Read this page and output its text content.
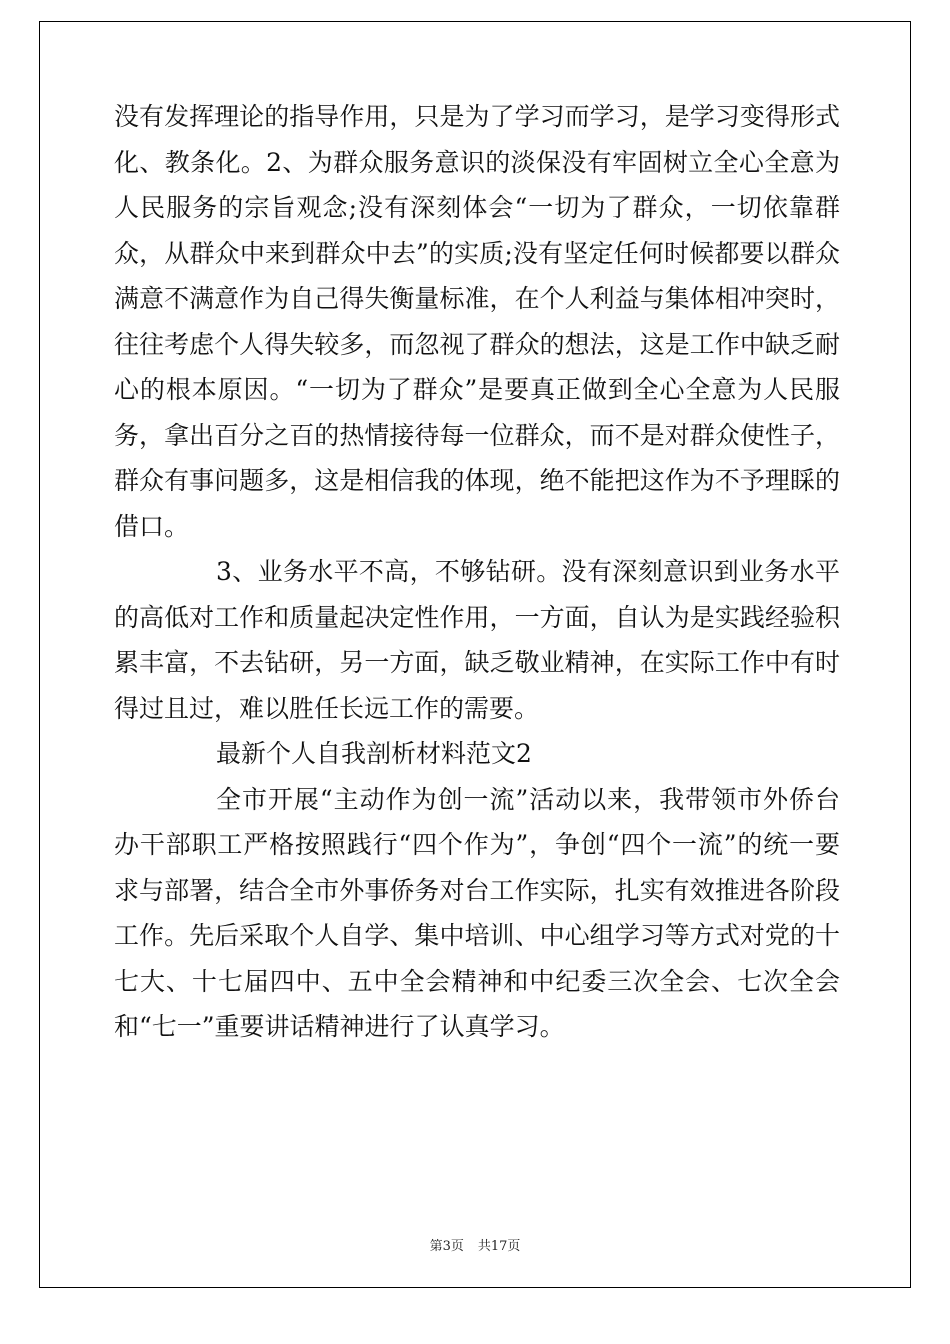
没有发挥理论的指导作用，只是为了学习而学习，是学习变得形式化、教条化。2、为群众服务意识的淡保没有牢固树立全心全意为人民服务的宗旨观念;没有深刻体会“一切为了群众，一切依靠群众，从群众中来到群众中去”的实质;没有坚定任何时候都要以群众满意不满意作为自己得失衡量标准，在个人利益与集体相冲突时，往往考虑个人得失较多，而忽视了群众的想法，这是工作中缺乏耐心的根本原因。“一切为了群众”是要真正做到全心全意为人民服务，拿出百分之百的热情接待每一位群众，而不是对群众使性子，群众有事问题多，这是相信我的体现，绝不能把这作为不予理睬的借口。

3、业务水平不高，不够钻研。没有深刻意识到业务水平的高低对工作和质量起决定性作用，一方面，自认为是实践经验积累丰富，不去钻研，另一方面，缺乏敬业精神，在实际工作中有时得过且过，难以胜任长远工作的需要。

最新个人自我剖析材料范文2

全市开展“主动作为创一流”活动以来，我带领市外侨台办干部职工严格按照践行“四个作为”，争创“四个一流”的统一要求与部署，结合全市外事侨务对台工作实际，扎实有效推进各阶段工作。先后采取个人自学、集中培训、中心组学习等方式对党的十七大、十七届四中、五中全会精神和中纪委三次全会、七次全会和“七一”重要讲话精神进行了认真学习。

第3页 共17页
